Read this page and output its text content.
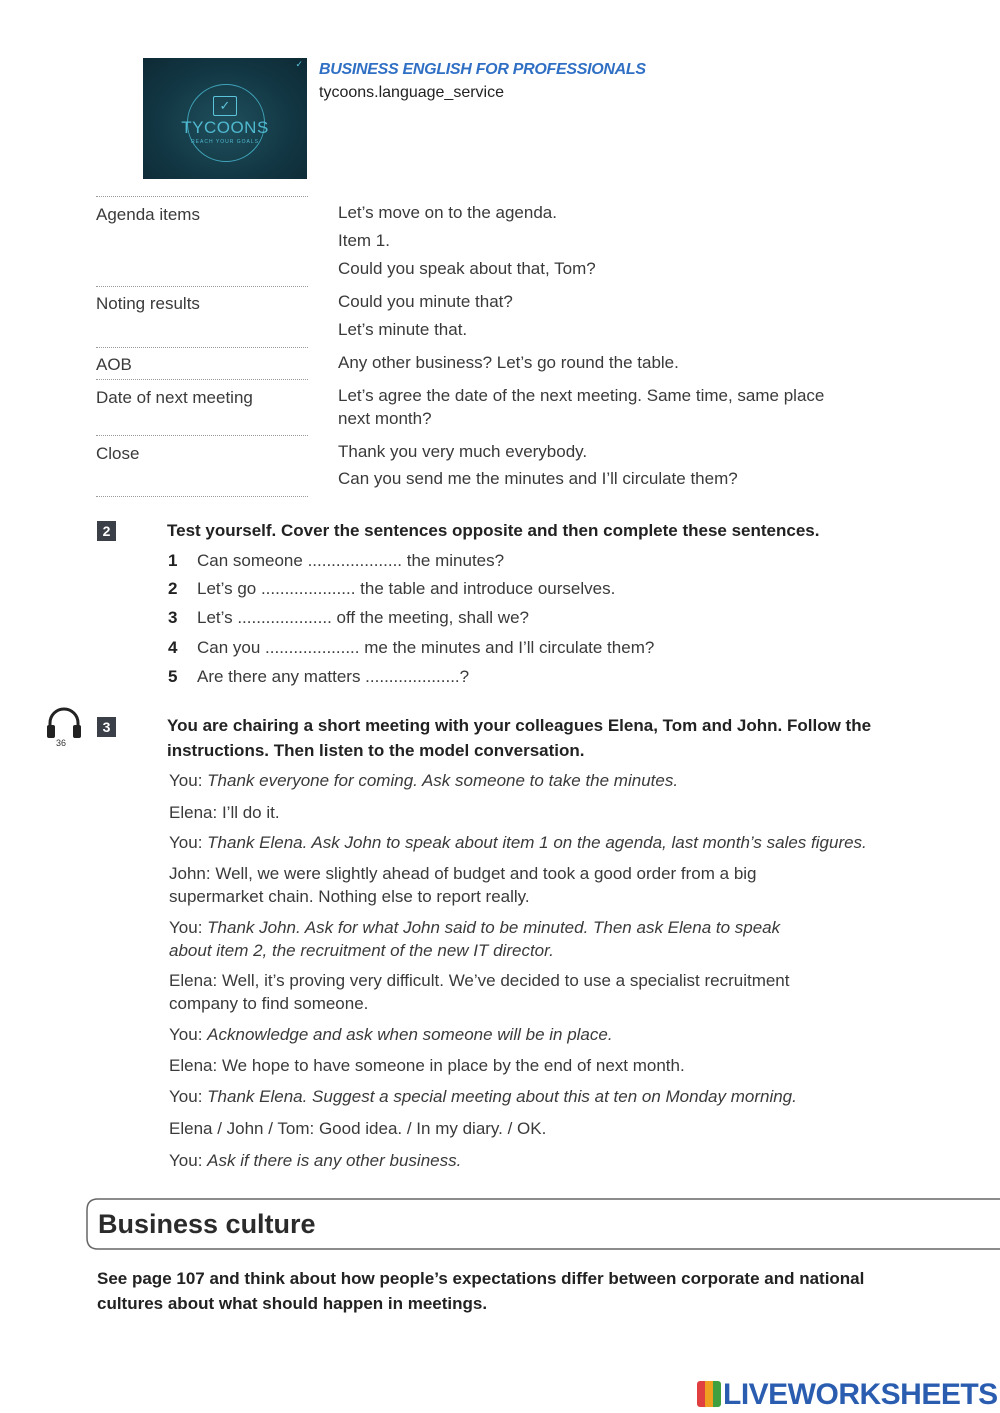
✓
TYCOONS
REACH YOUR GOALS
✓ BUSINESS ENGLISH FOR PROFESSIONALS
tycoons.language_service
Agenda items	Let’s move on to the agenda.
Item 1.
Could you speak about that, Tom?
Noting results	Could you minute that?
Let’s minute that.
AOB	Any other business? Let’s go round the table.
Date of next meeting	Let’s agree the date of the next meeting. Same time, same place
next month?
Close	Thank you very much everybody.
Can you send me the minutes and I’ll circulate them?
2	Test yourself. Cover the sentences opposite and then complete these sentences.
1 Can someone .................... the minutes?
2 Let’s go .................... the table and introduce ourselves.
3 Let’s .................... off the meeting, shall we?
4 Can you .................... me the minutes and I’ll circulate them?
5 Are there any matters ....................?
36
3	You are chairing a short meeting with your colleagues Elena, Tom and John. Follow the
instructions. Then listen to the model conversation.
You: Thank everyone for coming. Ask someone to take the minutes.
Elena: I’ll do it.
You: Thank Elena. Ask John to speak about item 1 on the agenda, last month’s sales figures.
John: Well, we were slightly ahead of budget and took a good order from a big
supermarket chain. Nothing else to report really.
You: Thank John. Ask for what John said to be minuted. Then ask Elena to speak
about item 2, the recruitment of the new IT director.
Elena: Well, it’s proving very difficult. We’ve decided to use a specialist recruitment
company to find someone.
You: Acknowledge and ask when someone will be in place.
Elena: We hope to have someone in place by the end of next month.
You: Thank Elena. Suggest a special meeting about this at ten on Monday morning.
Elena / John / Tom: Good idea. / In my diary. / OK.
You: Ask if there is any other business.
Business culture
See page 107 and think about how people’s expectations differ between corporate and national cultures about what should happen in meetings.
LIVEWORKSHEETS
